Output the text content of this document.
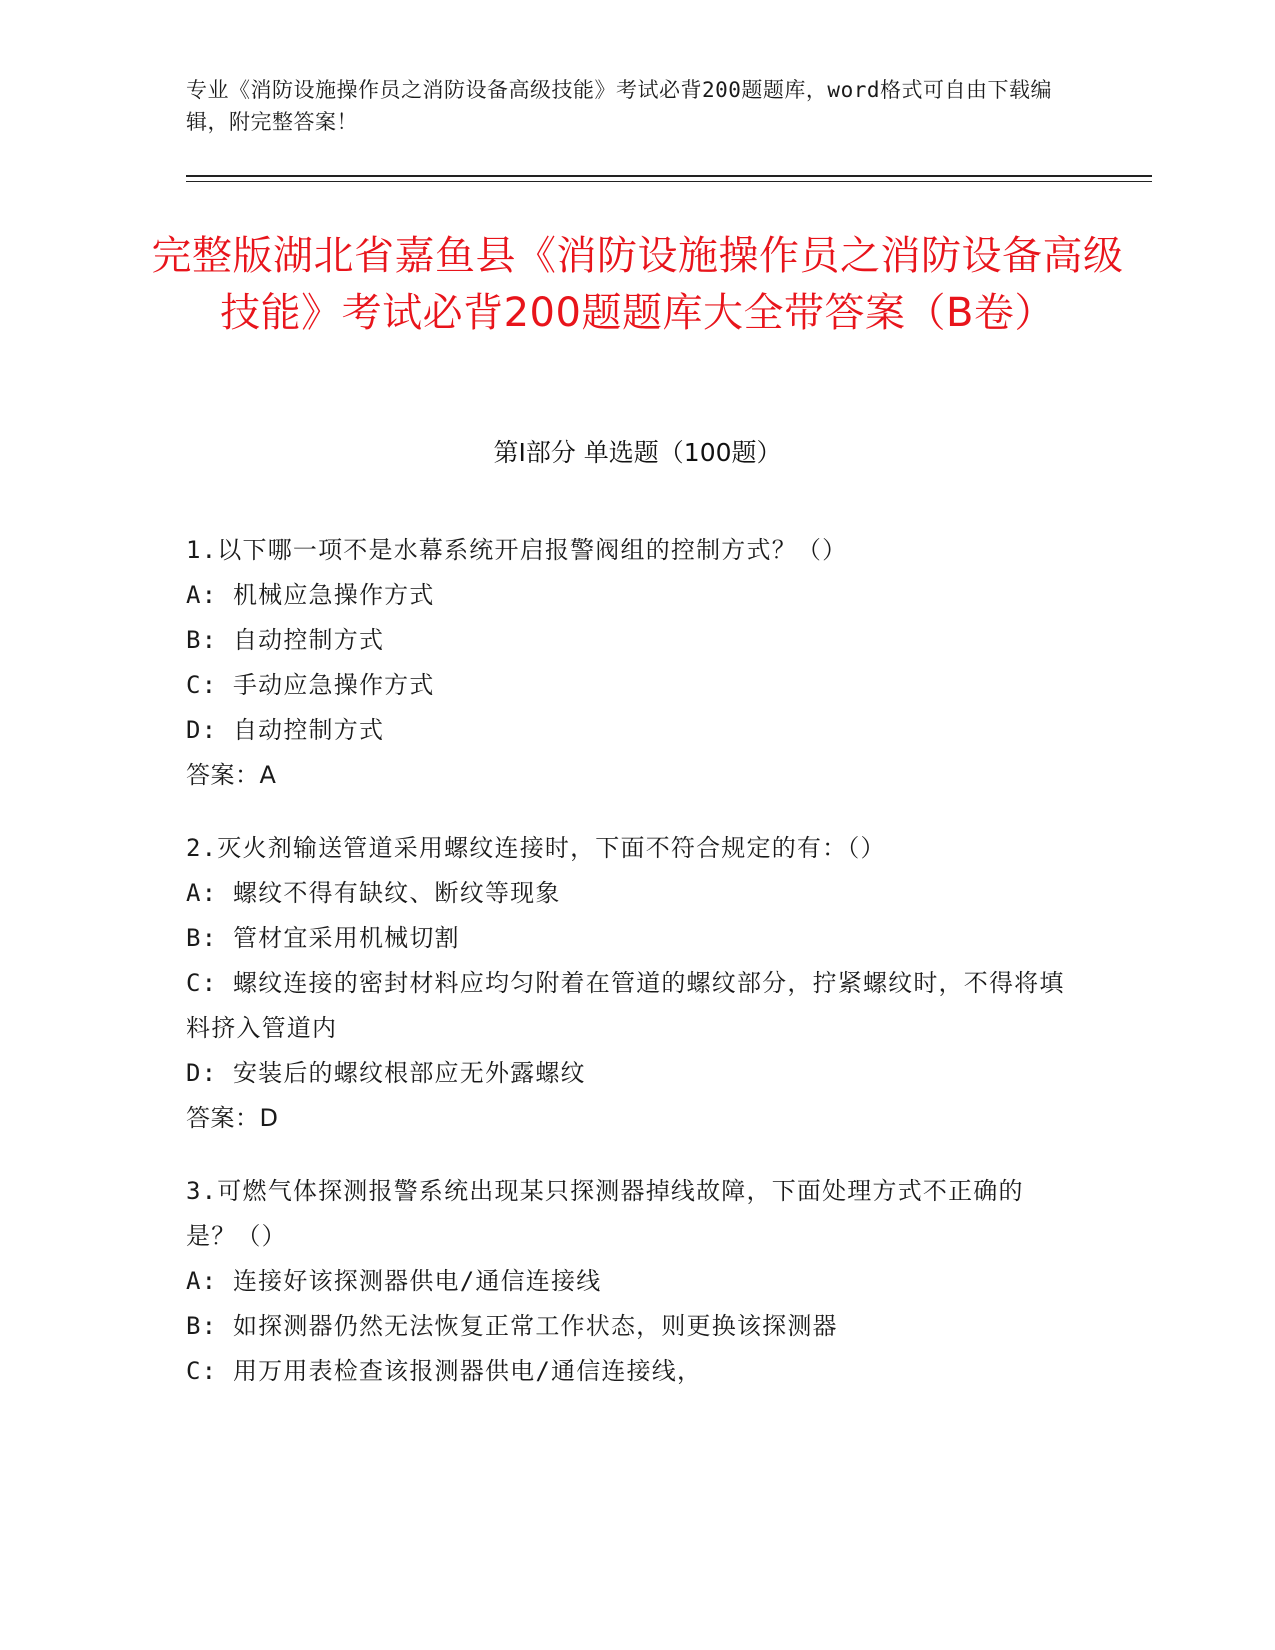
专业《消防设施操作员之消防设备高级技能》考试必背200题题库，word格式可自由下载编辑，附完整答案！
完整版湖北省嘉鱼县《消防设施操作员之消防设备高级技能》考试必背200题题库大全带答案（B卷）
第Ⅰ部分 单选题（100题）

1.以下哪一项不是水幕系统开启报警阀组的控制方式？（）

A: 机械应急操作方式

B: 自动控制方式

C: 手动应急操作方式

D: 自动控制方式

答案：A

2.灭火剂输送管道采用螺纹连接时，下面不符合规定的有：（）

A: 螺纹不得有缺纹、断纹等现象

B: 管材宜采用机械切割

C: 螺纹连接的密封材料应均匀附着在管道的螺纹部分，拧紧螺纹时，不得将填料挤入管道内

D: 安装后的螺纹根部应无外露螺纹

答案：D

3.可燃气体探测报警系统出现某只探测器掉线故障，下面处理方式不正确的是？（）

A: 连接好该探测器供电/通信连接线

B: 如探测器仍然无法恢复正常工作状态，则更换该探测器

C: 用万用表检查该报测器供电/通信连接线，
